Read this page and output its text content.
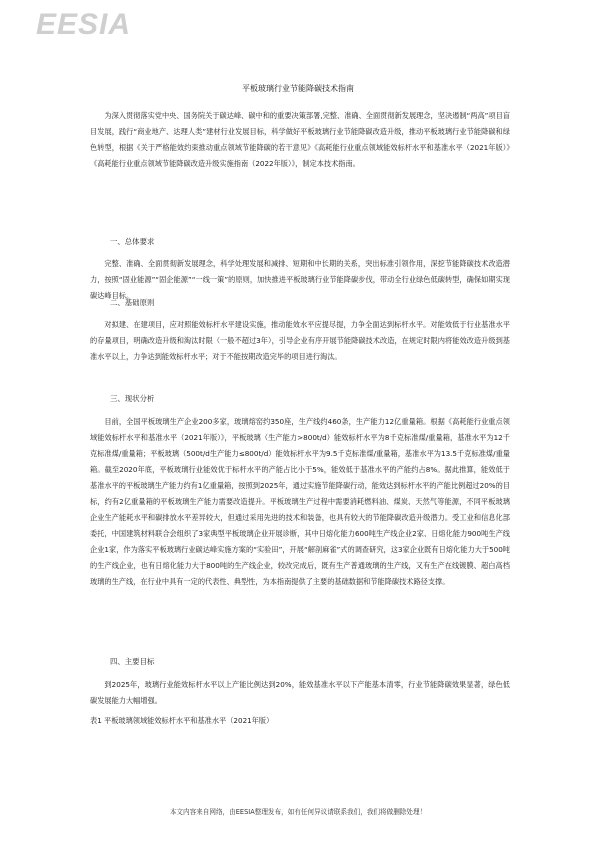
EESIA
平板玻璃行业节能降碳技术指南

为深入贯彻落实党中央、国务院关于碳达峰、碳中和的重要决策部署,完整、准确、全面贯彻新发展理念，坚决遏制“两高”项目盲目发展，践行“商业地产、达理人类”建材行业发展目标，科学做好平板玻璃行业节能降碳改造升级，推动平板玻璃行业节能降碳和绿色转型，根据《关于严格能效约束推动重点领域节能降碳的若干意见》《高耗能行业重点领域能效标杆水平和基准水平（2021年版）》《高耗能行业重点领域节能降碳改造升级实施指南（2022年版）》，制定本技术指南。

一、总体要求

完整、准确、全面贯彻新发展理念，科学处理发展和减排、短期和中长期的关系，突出标准引领作用，深挖节能降碳技术改造潜力，按照“固业能源”“固企能源”“一线一策”的原则，加快推进平板玻璃行业节能降碳步伐，带动全行业绿色低碳转型，确保如期实现碳达峰目标。

二、基础原则

对拟建、在建项目，应对照能效标杆水平建设实施，推动能效水平应提尽提，力争全面达到标杆水平。对能效低于行业基准水平的存量项目，明确改造升级和淘汰时限（一般不超过3年），引导企业有序开展节能降碳技术改造，在规定时限内将能效改造升级到基准水平以上，力争达到能效标杆水平；对于不能按期改造完毕的项目进行淘汰。

三、现状分析

目前，全国平板玻璃生产企业200多家，玻璃熔窑约350座，生产线约460条，生产能力12亿重量箱。根据《高耗能行业重点领域能效标杆水平和基准水平（2021年版）》，平板玻璃（生产能力>800t/d）能效标杆水平为8千克标准煤/重量箱，基准水平为12千克标准煤/重量箱；平板玻璃（500t/d生产能力≤800t/d）能效标杆水平为9.5千克标准煤/重量箱，基准水平为13.5千克标准煤/重量箱。截至2020年底，平板玻璃行业能效优于标杆水平的产能占比小于5%，能效低于基准水平的产能约占8%。据此推算，能效低于基准水平的平板玻璃生产能力约有1亿重量箱，按照到2025年，通过实施节能降碳行动，能效达到标杆水平的产能比例超过20%的目标，约有2亿重量箱的平板玻璃生产能力需要改造提升。平板玻璃生产过程中需要消耗燃料油、煤炭、天然气等能源，不同平板玻璃企业生产能耗水平和碳排放水平差异较大，但通过采用先进的技术和装备，也具有较大的节能降碳改造升级潜力。受工业和信息化部委托，中国建筑材料联合会组织了3家典型平板玻璃企业开展诊断，其中日熔化能力600吨生产线企业2家、日熔化能力900吨生产线企业1家，作为落实平板玻璃行业碳达峰实施方案的“实验田”，开展“解剖麻雀”式的调查研究，这3家企业既有日熔化能力大于500吨的生产线企业，也有日熔化能力大于800吨的生产线企业，较改完成后，既有生产普通玻璃的生产线，又有生产在线镀膜、超白高档玻璃的生产线，在行业中具有一定的代表性、典型性，为本指南提供了主要的基础数据和节能降碳技术路径支撑。

四、主要目标

到2025年，玻璃行业能效标杆水平以上产能比例达到20%，能效基准水平以下产能基本清零，行业节能降碳效果显著，绿色低碳发展能力大幅增强。

表1 平板玻璃领域能效标杆水平和基准水平（2021年版）
本文内容来自网络，由EESIA整理发布，如有任何异议请联系我们，我们将做删除处理！
